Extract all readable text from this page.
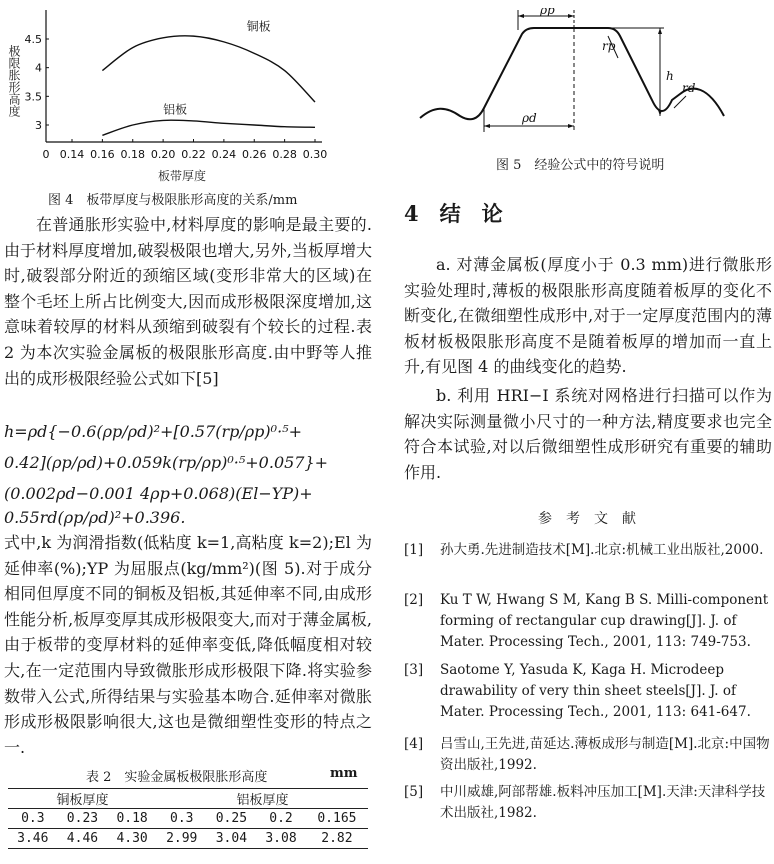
0 0.14 0.16 0.18 0.20 0.22 0.24 0.26 0.28 0.30
3
3.5
4
4.5
铜板
铝板
极限胀形高度
板带厚度
图 4　板带厚度与极限胀形高度的关系/mm
ρp
ρd
rp
h
rd
图 5　经验公式中的符号说明

在普通胀形实验中,材料厚度的影响是最主要的.由于材料厚度增加,破裂极限也增大,另外,当板厚增大时,破裂部分附近的颈缩区域(变形非常大的区域)在整个毛坯上所占比例变大,因而成形极限深度增加,这意味着较厚的材料从颈缩到破裂有个较长的过程.表 2 为本次实验金属板的极限胀形高度.由中野等人推出的成形极限经验公式如下[5]

h=ρd{−0.6(ρp/ρd)²+[0.57(rp/ρp)⁰·⁵+
0.42](ρp/ρd)+0.059k(rp/ρp)⁰·⁵+0.057}+
(0.002ρd−0.001 4ρp+0.068)(El−YP)+
0.55rd(ρp/ρd)²+0.396.

式中,k 为润滑指数(低粘度 k=1,高粘度 k=2);El 为延伸率(%);YP 为屈服点(kg/mm²)(图 5).对于成分相同但厚度不同的铜板及铝板,其延伸率不同,由成形性能分析,板厚变厚其成形极限变大,而对于薄金属板,由于板带的变厚材料的延伸率变低,降低幅度相对较大,在一定范围内导致微胀形成形极限下降.将实验参数带入公式,所得结果与实验基本吻合.延伸率对微胀形成形极限影响很大,这也是微细塑性变形的特点之一.

表 2　实验金属板极限胀形高度	mm
铜板厚度			铝板厚度			
0.3	0.23	0.18	0.3	0.25	0.2	0.165
3.46	4.46	4.30	2.99	3.04	3.08	2.82
4　结　论

a. 对薄金属板(厚度小于 0.3 mm)进行微胀形实验处理时,薄板的极限胀形高度随着板厚的变化不断变化,在微细塑性成形中,对于一定厚度范围内的薄板材板极限胀形高度不是随着板厚的增加而一直上升,有见图 4 的曲线变化的趋势.

b. 利用 HRI−I 系统对网格进行扫描可以作为解决实际测量微小尺寸的一种方法,精度要求也完全符合本试验,对以后微细塑性成形研究有重要的辅助作用.

参　考　文　献
[1] 孙大勇.先进制造技术[M].北京:机械工业出版社,2000.
[2] Ku T W, Hwang S M, Kang B S. Milli-component forming of rectangular cup drawing[J]. J. of Mater. Processing Tech., 2001, 113: 749-753.
[3] Saotome Y, Yasuda K, Kaga H. Microdeep drawability of very thin sheet steels[J]. J. of Mater. Processing Tech., 2001, 113: 641-647.
[4] 吕雪山,王先进,苗延达.薄板成形与制造[M].北京:中国物资出版社,1992.
[5] 中川威雄,阿部帮雄.板料冲压加工[M].天津:天津科学技术出版社,1982.
